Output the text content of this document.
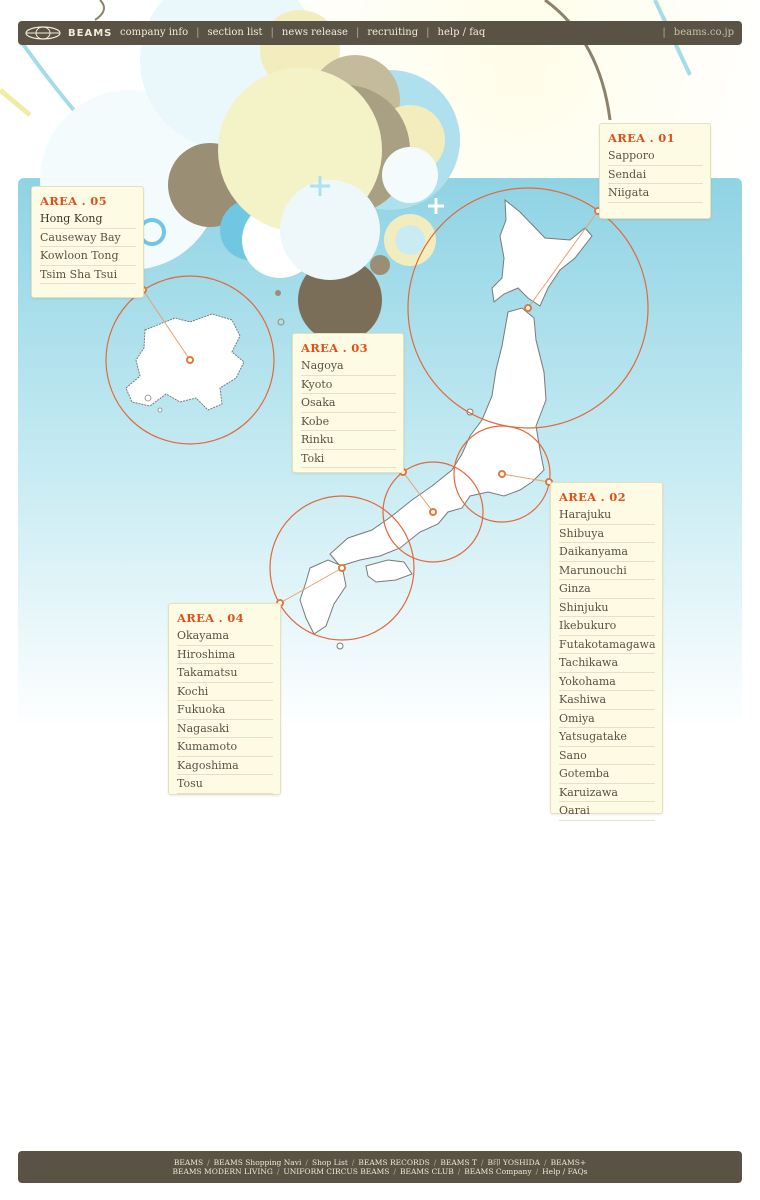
BEAMS company info | section list | news release | recruiting | help / faq	| beams.co.jp
AREA . 01
Sapporo
Sendai
Niigata
AREA . 05
Hong Kong
Causeway Bay
Kowloon Tong
Tsim Sha Tsui
AREA . 03
Nagoya
Kyoto
Osaka
Kobe
Rinku
Toki
AREA . 02
Harajuku
Shibuya
Daikanyama
Marunouchi
Ginza
Shinjuku
Ikebukuro
Futakotamagawa
Tachikawa
Yokohama
Kashiwa
Omiya
Yatsugatake
Sano
Gotemba
Karuizawa
Oarai
AREA . 04
Okayama
Hiroshima
Takamatsu
Kochi
Fukuoka
Nagasaki
Kumamoto
Kagoshima
Tosu
BEAMS / BEAMS Shopping Navi / Shop List / BEAMS RECORDS / BEAMS T / B印 YOSHIDA / BEAMS+
BEAMS MODERN LIVING / UNIFORM CIRCUS BEAMS / BEAMS CLUB / BEAMS Company / Help / FAQs
